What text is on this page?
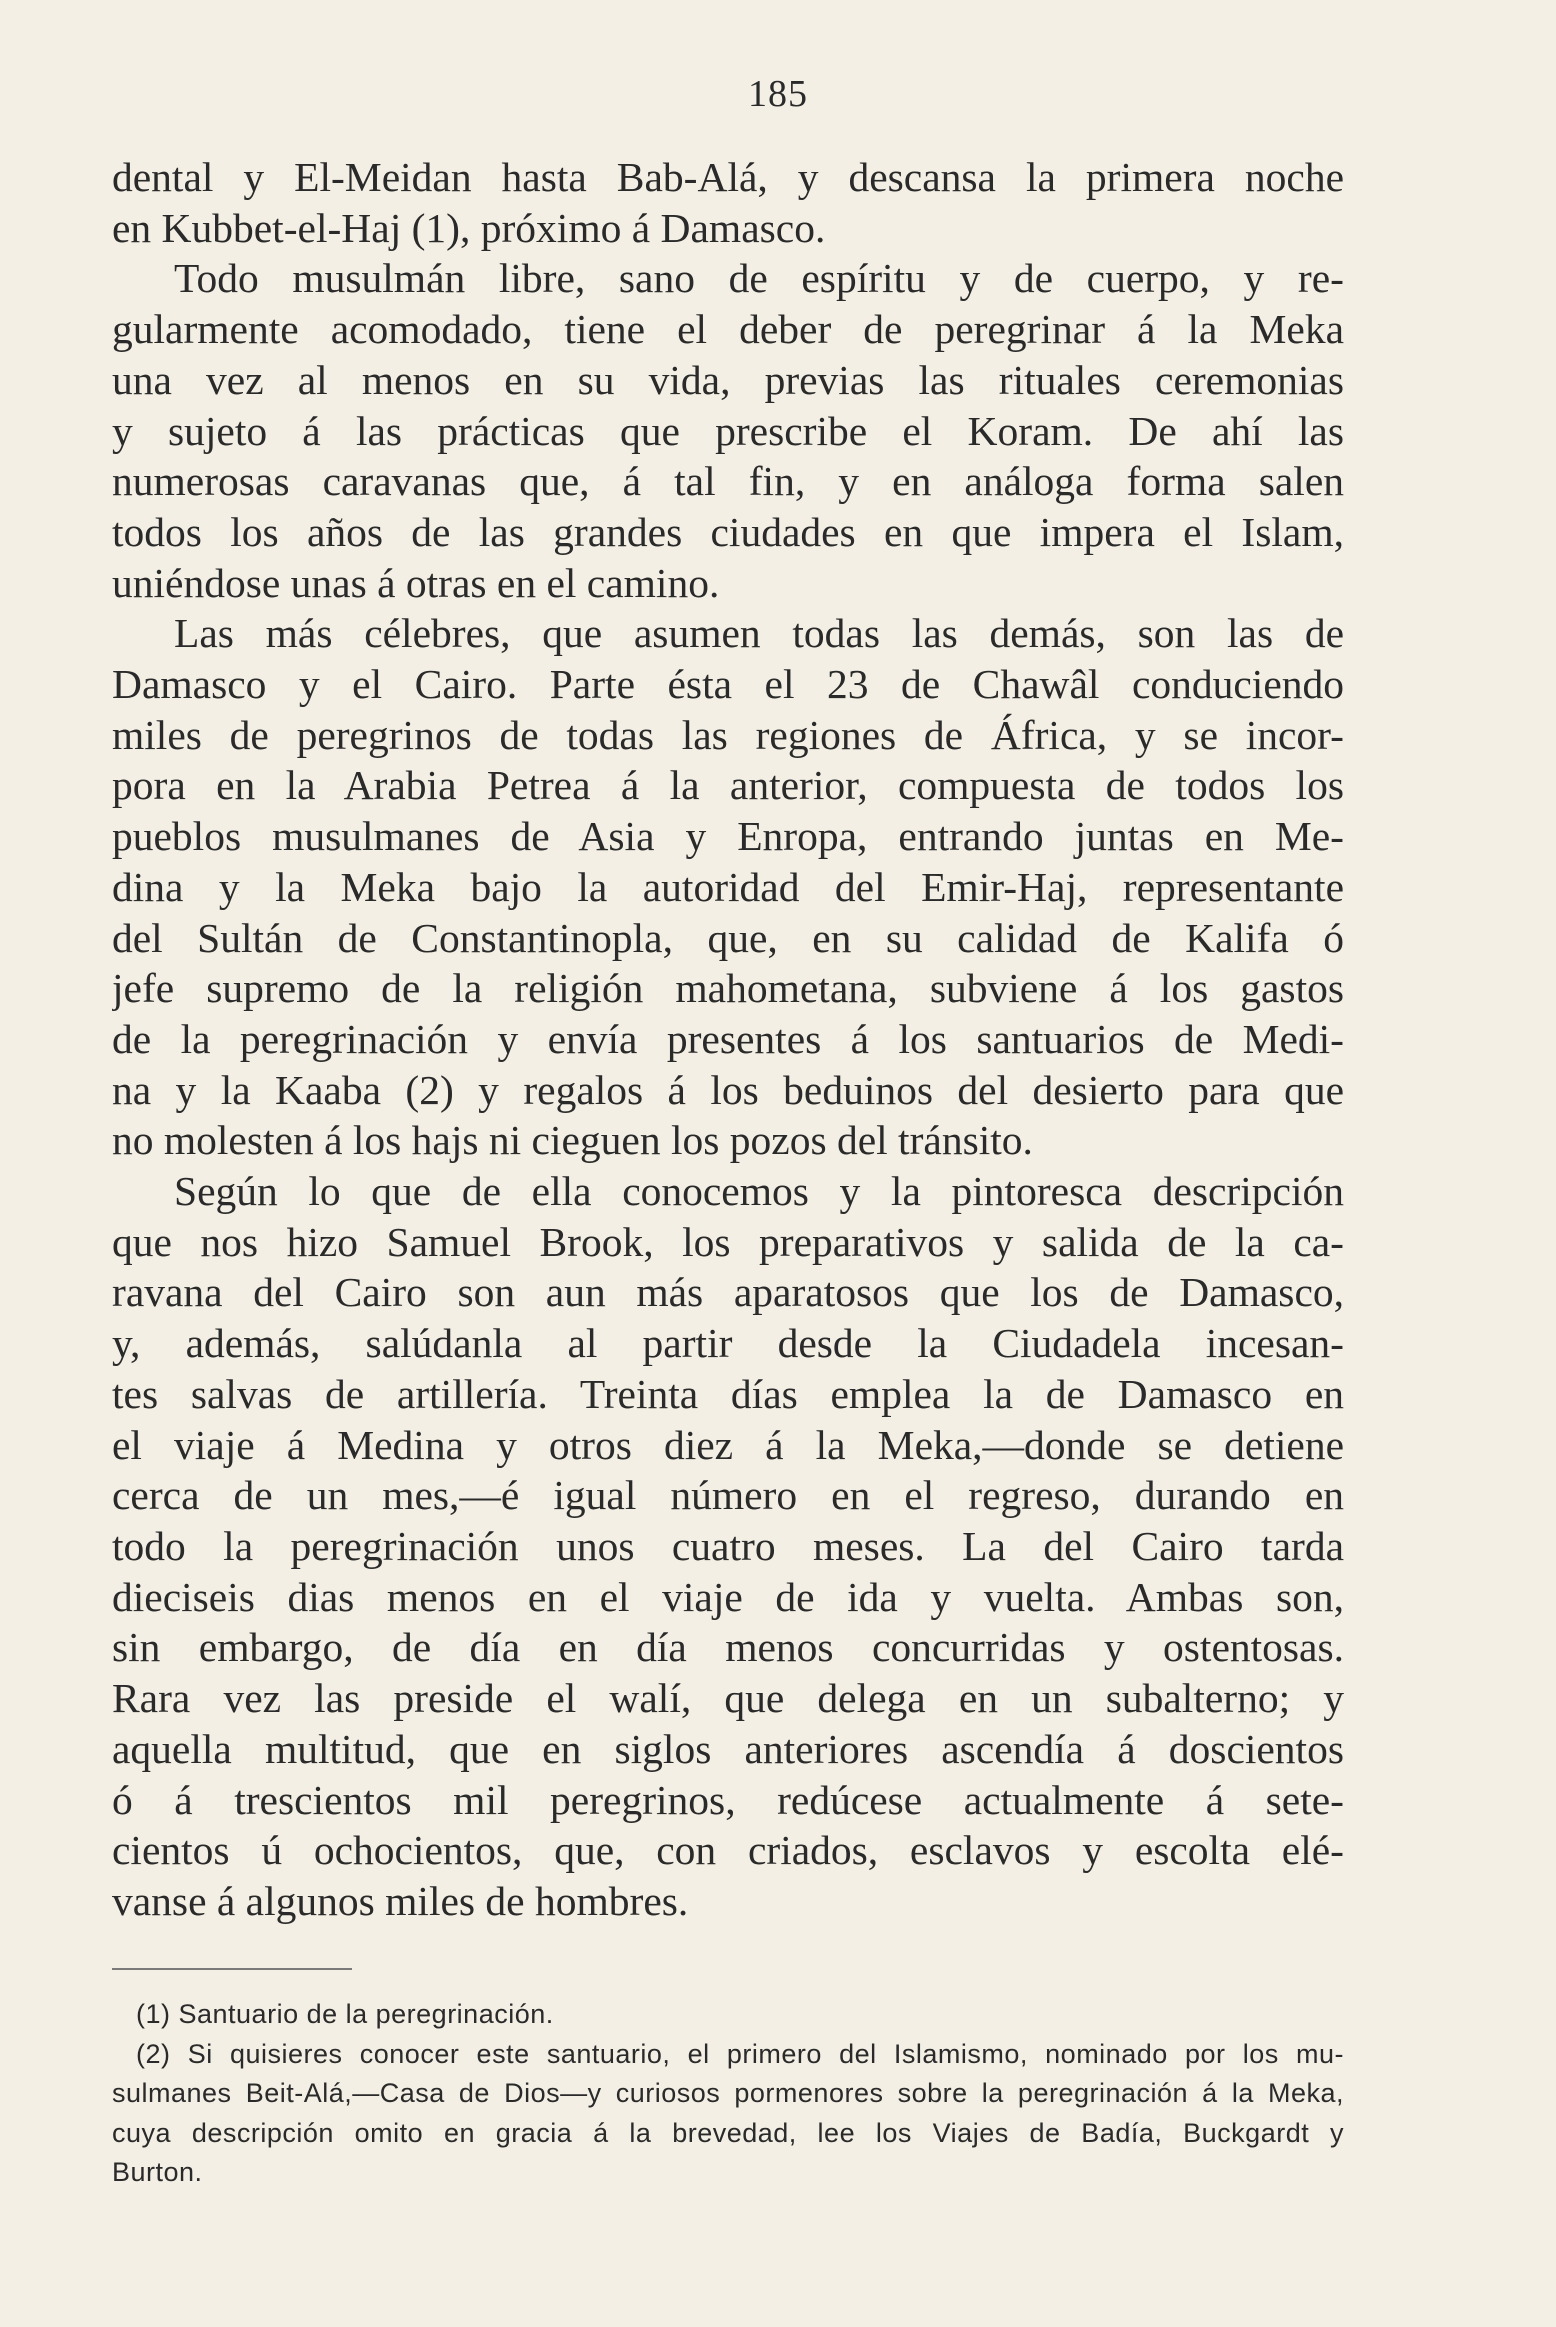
185
dental y El-Meidan hasta Bab-Alá, y descansa la primera noche
en Kubbet-el-Haj (1), próximo á Damasco.
Todo musulmán libre, sano de espíritu y de cuerpo, y re-
gularmente acomodado, tiene el deber de peregrinar á la Meka
una vez al menos en su vida, previas las rituales ceremonias
y sujeto á las prácticas que prescribe el Koram. De ahí las
numerosas caravanas que, á tal fin, y en análoga forma salen
todos los años de las grandes ciudades en que impera el Islam,
uniéndose unas á otras en el camino.
Las más célebres, que asumen todas las demás, son las de
Damasco y el Cairo. Parte ésta el 23 de Chawâl conduciendo
miles de peregrinos de todas las regiones de África, y se incor-
pora en la Arabia Petrea á la anterior, compuesta de todos los
pueblos musulmanes de Asia y Enropa, entrando juntas en Me-
dina y la Meka bajo la autoridad del Emir-Haj, representante
del Sultán de Constantinopla, que, en su calidad de Kalifa ó
jefe supremo de la religión mahometana, subviene á los gastos
de la peregrinación y envía presentes á los santuarios de Medi-
na y la Kaaba (2) y regalos á los beduinos del desierto para que
no molesten á los hajs ni cieguen los pozos del tránsito.
Según lo que de ella conocemos y la pintoresca descripción
que nos hizo Samuel Brook, los preparativos y salida de la ca-
ravana del Cairo son aun más aparatosos que los de Damasco,
y, además, salúdanla al partir desde la Ciudadela incesan-
tes salvas de artillería. Treinta días emplea la de Damasco en
el viaje á Medina y otros diez á la Meka,—donde se detiene
cerca de un mes,—é igual número en el regreso, durando en
todo la peregrinación unos cuatro meses. La del Cairo tarda
dieciseis dias menos en el viaje de ida y vuelta. Ambas son,
sin embargo, de día en día menos concurridas y ostentosas.
Rara vez las preside el walí, que delega en un subalterno; y
aquella multitud, que en siglos anteriores ascendía á doscientos
ó á trescientos mil peregrinos, redúcese actualmente á sete-
cientos ú ochocientos, que, con criados, esclavos y escolta elé-
vanse á algunos miles de hombres.
(1) Santuario de la peregrinación.
(2) Si quisieres conocer este santuario, el primero del Islamismo, nominado por los mu-
sulmanes Beit-Alá,—Casa de Dios—y curiosos pormenores sobre la peregrinación á la Meka,
cuya descripción omito en gracia á la brevedad, lee los Viajes de Badía, Buckgardt y
Burton.
